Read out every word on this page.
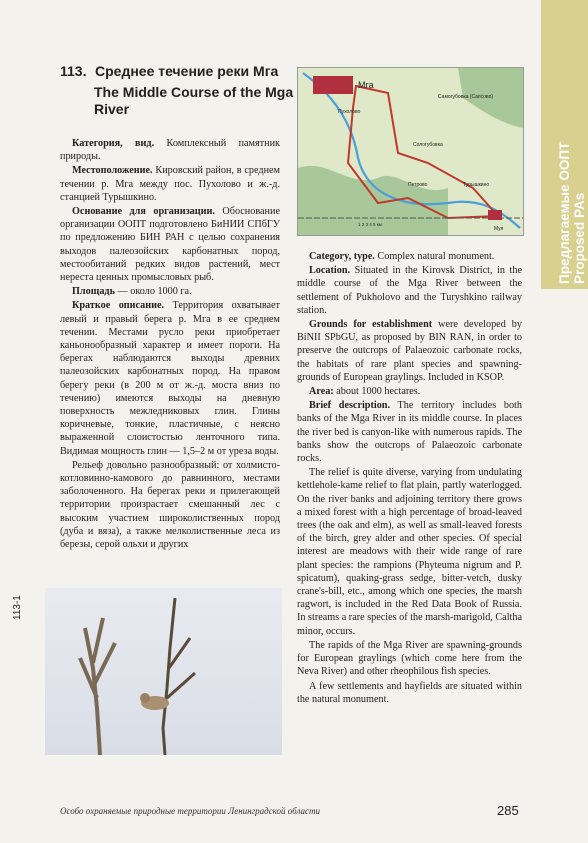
Предлагаемые ООПТ Proposed PAs
113. Среднее течение реки Мга
The Middle Course of the Mga River

Категория, вид. Комплексный памятник природы.

Местоположение. Кировский район, в среднем течении р. Мга между пос. Пухолово и ж.-д. станцией Турышкино.

Основание для организации. Обоснование организации ООПТ подготовлено БиНИИ СПбГУ по предложению БИН РАН с целью сохранения выходов палеозойских карбонатных пород, местообитаний редких видов растений, мест нереста ценных промысловых рыб.

Площадь — около 1000 га.

Краткое описание. Территория охватывает левый и правый берега р. Мга в ее среднем течении. Местами русло реки приобретает каньонообразный характер и имеет пороги. На берегах наблюдаются выходы древних палеозойских карбонатных пород. На правом берегу реки (в 200 м от ж.-д. моста вниз по течению) имеются выходы на дневную поверхность межледниковых глин. Глины коричневые, тонкие, пластичные, с неясно выраженной слоистостью ленточного типа. Видимая мощность глин — 1,5–2 м от уреза воды.

Рельеф довольно разнообразный: от холмисто-котловинно-камового до равнинного, местами заболоченного. На берегах реки и прилегающей территории произрастает смешанный лес с высоким участием широколиственных пород (дуба и вяза), а также мелколиственные леса из березы, серой ольхи и других

Category, type. Complex natural monument.

Location. Situated in the Kirovsk District, in the middle course of the Mga River between the settlement of Pukholovo and the Turyshkino railway station.

Grounds for establishment were developed by BiNII SPbGU, as proposed by BIN RAN, in order to preserve the outcrops of Palaeozoic carbonate rocks, the habitats of rare plant species and spawning-grounds of European graylings. Included in KSOP.

Area: about 1000 hectares.

Brief description. The territory includes both banks of the Mga River in its middle course. In places the river bed is canyon-like with numerous rapids. The banks show the outcrops of Palaeozoic carbonate rocks.

The relief is quite diverse, varying from undulating kettlehole-kame relief to flat plain, partly waterlogged. On the river banks and adjoining territory there grows a mixed forest with a high percentage of broad-leaved trees (the oak and elm), as well as small-leaved forests of the birch, grey alder and other species. Of special interest are meadows with their wide range of rare plant species: the rampions (Phyteuma nigrum and P. spicatum), quaking-grass sedge, bitter-vetch, dusky crane's-bill, etc., among which one species, the marsh ragwort, is included in the Red Data Book of Russia. In streams a rare species of the marsh-marigold, Caltha minor, occurs.

The rapids of the Mga River are spawning-grounds for European graylings (which come here from the Neva River) and other rheophilous fish species.

A few settlements and hayfields are situated within the natural monument.

Мга
Пухолово
Самогубовка (Сапсово)
Сологубовка
Петрово	Турышкино
Муя
1 2 3 4 5 км
113-1
Особо охраняемые природные территории Ленинградской области	285
